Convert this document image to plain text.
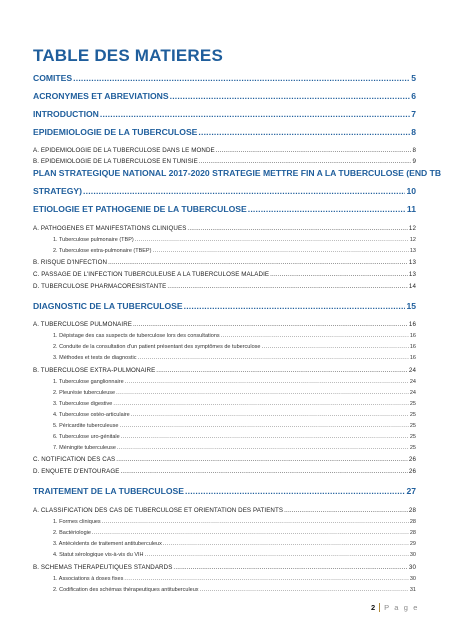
TABLE DES MATIERES
COMITES .....	5
ACRONYMES ET ABREVIATIONS .....	6
INTRODUCTION .....	7
EPIDEMIOLOGIE DE LA TUBERCULOSE .....	8
A. EPIDEMIOLOGIE DE LA TUBERCULOSE DANS LE MONDE .....	8
B. EPIDEMIOLOGIE DE LA TUBERCULOSE EN TUNISIE .....	9
PLAN STRATEGIQUE NATIONAL 2017-2020 STRATEGIE METTRE FIN A LA TUBERCULOSE (END TB
STRATEGY) .....	10
ETIOLOGIE ET PATHOGENIE DE LA TUBERCULOSE .....	11
A. PATHOGENES ET MANIFESTATIONS CLINIQUES .....	12
1. Tuberculose pulmonaire (TBP) .....	12
2. Tuberculose extra-pulmonaire (TBEP) .....	13
B. RISQUE D'INFECTION .....	13
C. PASSAGE DE L'INFECTION TUBERCULEUSE A LA TUBERCULOSE MALADIE .....	13
D. TUBERCULOSE PHARMACORESISTANTE .....	14
DIAGNOSTIC DE LA TUBERCULOSE .....	15
A. TUBERCULOSE PULMONAIRE .....	16
1. Dépistage des cas suspects de tuberculose lors des consultations .....	16
2. Conduite de la consultation d'un patient présentant des symptômes de tuberculose .....	16
3. Méthodes et tests de diagnostic .....	16
B. TUBERCULOSE EXTRA-PULMONAIRE .....	24
1. Tuberculose ganglionnaire .....	24
2. Pleurésie tuberculeuse .....	24
3. Tuberculose digestive .....	25
4. Tuberculose ostéo-articulaire .....	25
5. Péricardite tuberculeuse .....	25
6. Tuberculose uro-génitale .....	25
7. Méningite tuberculeuse .....	25
C. NOTIFICATION DES CAS .....	26
D. ENQUETE D'ENTOURAGE .....	26
TRAITEMENT DE LA TUBERCULOSE .....	27
A. CLASSIFICATION DES CAS DE TUBERCULOSE ET ORIENTATION DES PATIENTS .....	28
1. Formes cliniques .....	28
2. Bactériologie .....	28
3. Antécédents de traitement antituberculeux .....	29
4. Statut sérologique vis-à-vis du VIH .....	30
B. SCHEMAS THERAPEUTIQUES STANDARDS .....	30
1. Associations à doses fixes .....	30
2. Codification des schémas thérapeutiques antituberculeux .....	31
2 P a g e
